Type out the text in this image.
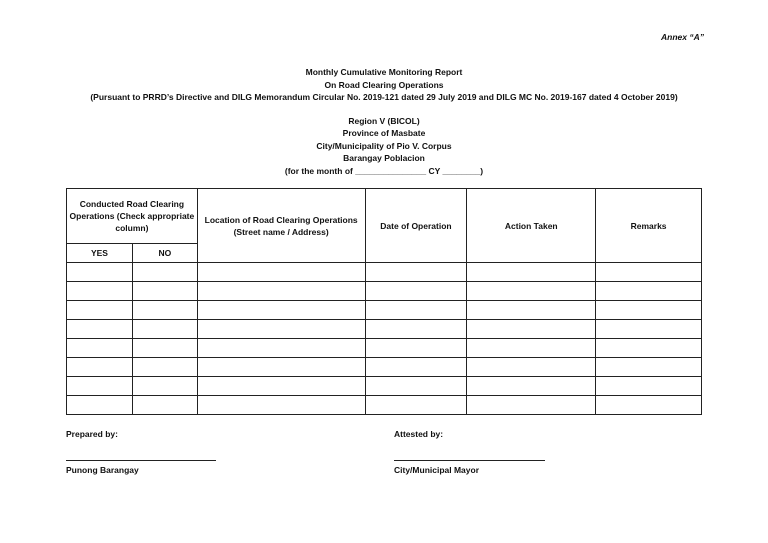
Annex “A”
Monthly Cumulative Monitoring Report
On Road Clearing Operations
(Pursuant to PRRD’s Directive and DILG Memorandum Circular No. 2019-121 dated 29 July 2019 and DILG MC No. 2019-167 dated 4 October 2019)
Region V (BICOL)
Province of Masbate
City/Municipality of Pio V. Corpus
Barangay Poblacion
(for the month of _______________ CY ________)
Conducted Road Clearing Operations (Check appropriate column)		Location of Road Clearing Operations (Street name / Address)	Date of Operation	Action Taken	Remarks
YES	NO				

Prepared by:	Attested by:
Punong Barangay	City/Municipal Mayor
